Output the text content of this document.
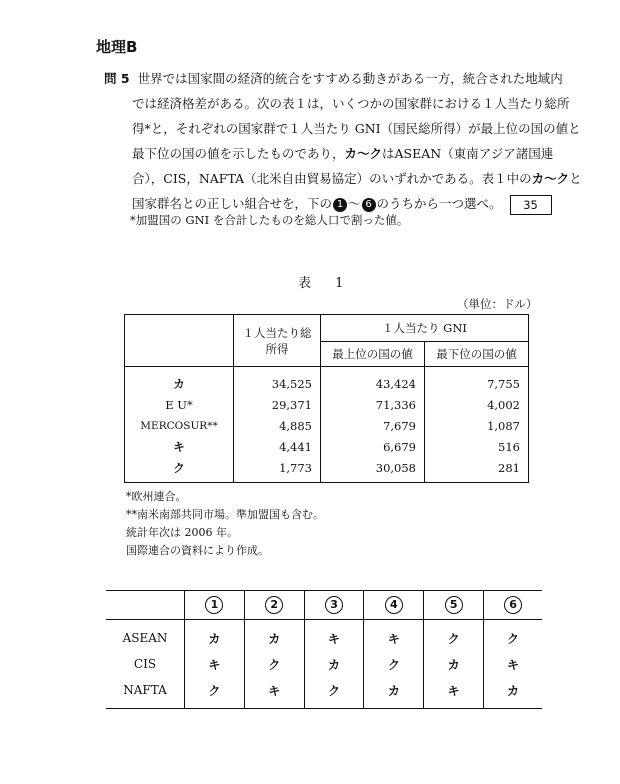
地理B
問 5 世界では国家間の経済的統合をすすめる動きがある一方，統合された地域内
では経済格差がある。次の表１は，いくつかの国家群における１人当たり総所
得*と，それぞれの国家群で１人当たり GNI（国民総所得）が最上位の国の値と
最下位の国の値を示したものであり，カ～クはASEAN（東南アジア諸国連
合），CIS，NAFTA（北米自由貿易協定）のいずれかである。表１中のカ～クと
国家群名との正しい組合せを，下の 1 ～ 6 のうちから一つ選べ。 35
*加盟国の GNI を合計したものを総人口で割った値。
表 1
（単位：ドル）
	１人当たり総所得	１人当たり GNI	
		最上位の国の値	最下位の国の値
カ	34,525	43,424	7,755
E U*	29,371	71,336	4,002
MERCOSUR**	4,885	7,679	1,087
キ	4,441	6,679	516
ク	1,773	30,058	281
*欧州連合。
**南米南部共同市場。準加盟国も含む。
統計年次は 2006 年。
国際連合の資料により作成。
	1	2	3	4	5	6
ASEAN	カ	カ	キ	キ	ク	ク
CIS	キ	ク	カ	ク	カ	キ
NAFTA	ク	キ	ク	カ	キ	カ
